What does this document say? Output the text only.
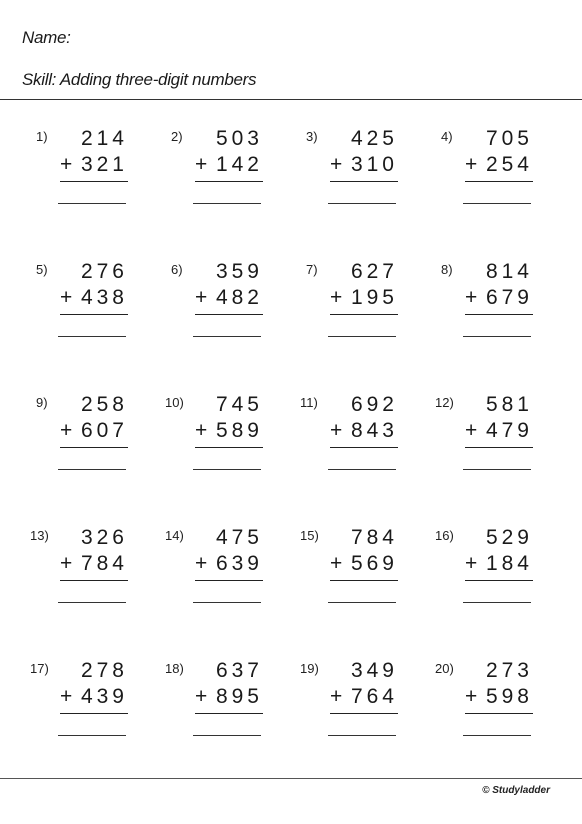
Name:
Skill: Adding three-digit numbers
1)	214
+ 321
2)	503
+ 142
3)	425
+ 310
4)	705
+ 254
5)	276
+ 438
6)	359
+ 482
7)	627
+ 195
8)	814
+ 679
9)	258
+ 607
10)	745
+ 589
11)	692
+ 843
12)	581
+ 479
13)	326
+ 784
14)	475
+ 639
15)	784
+ 569
16)	529
+ 184
17)	278
+ 439
18)	637
+ 895
19)	349
+ 764
20)	273
+ 598
© Studyladder
